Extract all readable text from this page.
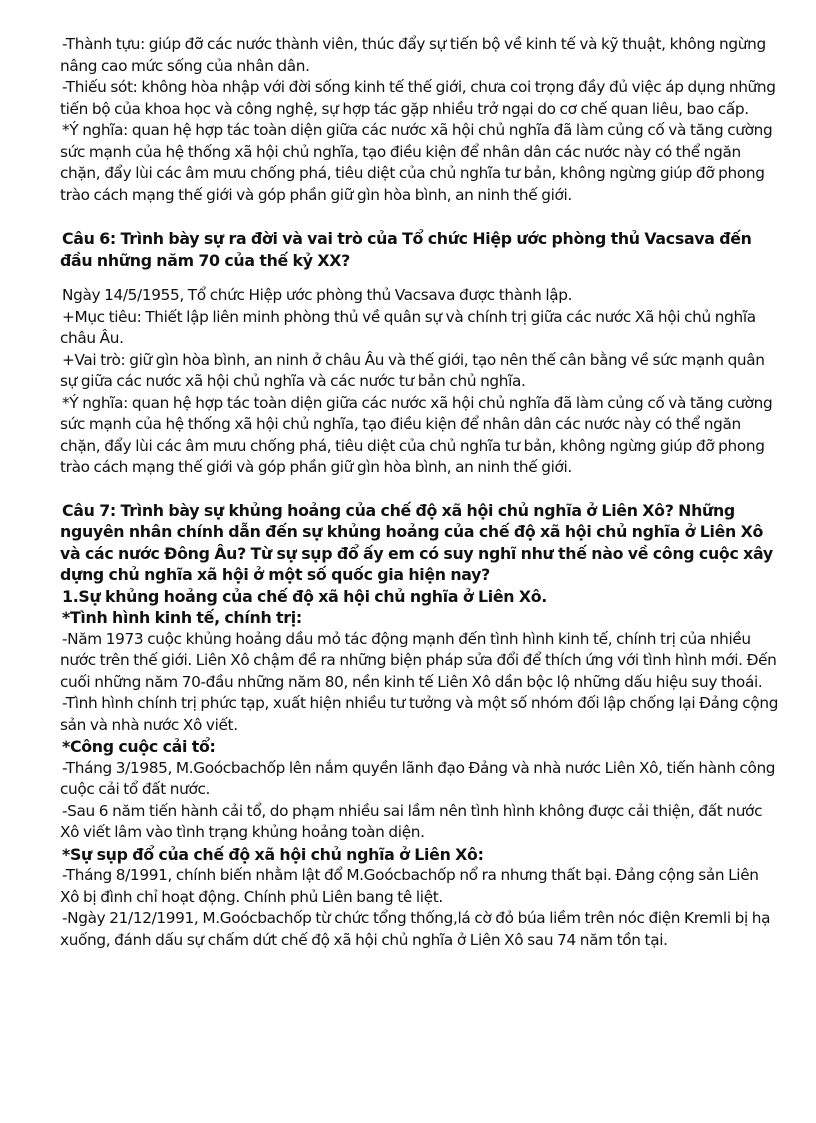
-Thành tựu: giúp đỡ các nước thành viên, thúc đẩy sự tiến bộ về kinh tế và kỹ thuật, không ngừng nâng cao mức sống của nhân dân.

-Thiếu sót: không hòa nhập với đời sống kinh tế thế giới, chưa coi trọng đầy đủ việc áp dụng những tiến bộ của khoa học và công nghệ, sự hợp tác gặp nhiều trở ngại do cơ chế quan liêu, bao cấp.

*Ý nghĩa: quan hệ hợp tác toàn diện giữa các nước xã hội chủ nghĩa đã làm củng cố và tăng cường sức mạnh của hệ thống xã hội chủ nghĩa, tạo điều kiện để nhân dân các nước này có thể ngăn chặn, đẩy lùi các âm mưu chống phá, tiêu diệt của chủ nghĩa tư bản, không ngừng giúp đỡ phong trào cách mạng thế giới và góp phần giữ gìn hòa bình, an ninh thế giới.

Câu 6: Trình bày sự ra đời và vai trò của Tổ chức Hiệp ước phòng thủ Vacsava đến đầu những năm 70 của thế kỷ XX?

Ngày 14/5/1955, Tổ chức Hiệp ước phòng thủ Vacsava được thành lập.

+Mục tiêu: Thiết lập liên minh phòng thủ về quân sự và chính trị giữa các nước Xã hội chủ nghĩa châu Âu.

+Vai trò: giữ gìn hòa bình, an ninh ở châu Âu và thế giới, tạo nên thế cân bằng về sức mạnh quân sự giữa các nước xã hội chủ nghĩa và các nước tư bản chủ nghĩa.

*Ý nghĩa: quan hệ hợp tác toàn diện giữa các nước xã hội chủ nghĩa đã làm củng cố và tăng cường sức mạnh của hệ thống xã hội chủ nghĩa, tạo điều kiện để nhân dân các nước này có thể ngăn chặn, đẩy lùi các âm mưu chống phá, tiêu diệt của chủ nghĩa tư bản, không ngừng giúp đỡ phong trào cách mạng thế giới và góp phần giữ gìn hòa bình, an ninh thế giới.

Câu 7: Trình bày sự khủng hoảng của chế độ xã hội chủ nghĩa ở Liên Xô? Những nguyên nhân chính dẫn đến sự khủng hoảng của chế độ xã hội chủ nghĩa ở Liên Xô và các nước Đông Âu? Từ sự sụp đổ ấy em có suy nghĩ như thế nào về công cuộc xây dựng chủ nghĩa xã hội ở một số quốc gia hiện nay?

1.Sự khủng hoảng của chế độ xã hội chủ nghĩa ở Liên Xô.

*Tình hình kinh tế, chính trị:

-Năm 1973 cuộc khủng hoảng dầu mỏ tác động mạnh đến tình hình kinh tế, chính trị của nhiều nước trên thế giới. Liên Xô chậm đề ra những biện pháp sửa đổi để thích ứng với tình hình mới. Đến cuối những năm 70-đầu những năm 80, nền kinh tế Liên Xô dần bộc lộ những dấu hiệu suy thoái.

-Tình hình chính trị phức tạp, xuất hiện nhiều tư tưởng và một số nhóm đối lập chống lại Đảng cộng sản và nhà nước Xô viết.

*Công cuộc cải tổ:

-Tháng 3/1985, M.Goócbachốp lên nắm quyền lãnh đạo Đảng và nhà nước Liên Xô, tiến hành công cuộc cải tổ đất nước.

-Sau 6 năm tiến hành cải tổ, do phạm nhiều sai lầm nên tình hình không được cải thiện, đất nước Xô viết lâm vào tình trạng khủng hoảng toàn diện.

*Sự sụp đổ của chế độ xã hội chủ nghĩa ở Liên Xô:

-Tháng 8/1991, chính biến nhằm lật đổ M.Goócbachốp nổ ra nhưng thất bại. Đảng cộng sản Liên Xô bị đình chỉ hoạt động. Chính phủ Liên bang tê liệt.

-Ngày 21/12/1991, M.Goócbachốp từ chức tổng thống,lá cờ đỏ búa liềm trên nóc điện Kremli bị hạ xuống, đánh dấu sự chấm dứt chế độ xã hội chủ nghĩa ở Liên Xô sau 74 năm tồn tại.
